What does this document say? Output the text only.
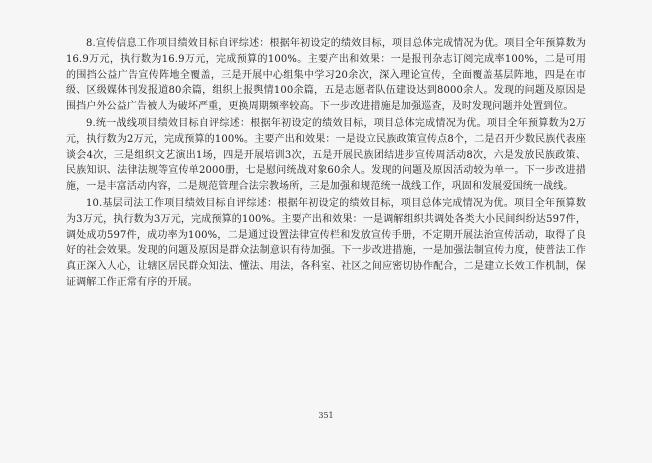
8.宣传信息工作项目绩效目标自评综述：根据年初设定的绩效目标，项目总体完成情况为优。项目全年预算数为16.9万元，执行数为16.9万元，完成预算的100%。主要产出和效果：一是报刊杂志订阅完成率100%，二是可用的围挡公益广告宣传阵地全覆盖，三是开展中心组集中学习20余次，深入理论宣传，全面覆盖基层阵地，四是在市级、区级媒体刊发报道80余篇，组织上报舆情100余篇，五是志愿者队伍建设达到8000余人。发现的问题及原因是围挡户外公益广告被人为破坏严重，更换周期频率较高。下一步改进措施是加强巡查，及时发现问题并处置到位。

9.统一战线项目绩效目标自评综述：根据年初设定的绩效目标，项目总体完成情况为优。项目全年预算数为2万元，执行数为2万元，完成预算的100%。主要产出和效果：一是设立民族政策宣传点8个，二是召开少数民族代表座谈会4次，三是组织文艺演出1场，四是开展培训3次，五是开展民族团结进步宣传周活动8次，六是发放民族政策、民族知识、法律法规等宣传单2000册，七是慰问统战对象60余人。发现的问题及原因活动较为单一。下一步改进措施，一是丰富活动内容，二是规范管理合法宗教场所，三是加强和规范统一战线工作，巩固和发展爱国统一战线。

10.基层司法工作项目绩效目标自评综述：根据年初设定的绩效目标，项目总体完成情况为优。项目全年预算数为3万元，执行数为3万元，完成预算的100%。主要产出和效果：一是调解组织共调处各类大小民间纠纷达597件，调处成功597件，成功率为100%，二是通过设置法律宣传栏和发放宣传手册，不定期开展法治宣传活动，取得了良好的社会效果。发现的问题及原因是群众法制意识有待加强。下一步改进措施，一是加强法制宣传力度，使普法工作真正深入人心，让辖区居民群众知法、懂法、用法，各科室、社区之间应密切协作配合，二是建立长效工作机制，保证调解工作正常有序的开展。

351
